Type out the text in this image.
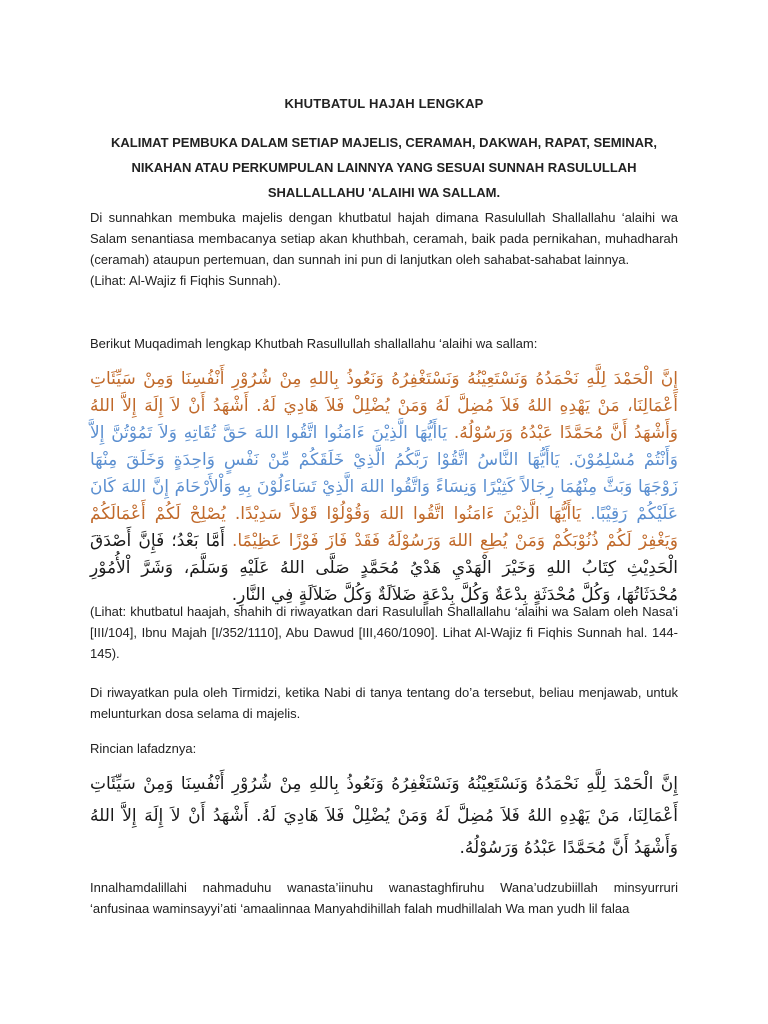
KHUTBATUL HAJAH LENGKAP
KALIMAT PEMBUKA DALAM SETIAP MAJELIS, CERAMAH, DAKWAH, RAPAT, SEMINAR,
NIKAHAN ATAU PERKUMPULAN LAINNYA YANG SESUAI SUNNAH RASULULLAH
SHALLALLAHU 'ALAIHI WA SALLAM.
Di sunnahkan membuka majelis dengan khutbatul hajah dimana Rasulullah Shallallahu ‘alaihi wa Salam senantiasa membacanya setiap akan khuthbah, ceramah, baik pada pernikahan, muhadharah (ceramah) ataupun pertemuan, dan sunnah ini pun di lanjutkan oleh sahabat-sahabat lainnya.
(Lihat: Al-Wajiz fi Fiqhis Sunnah).
Berikut Muqadimah lengkap Khutbah Rasullullah shallallahu ‘alaihi wa sallam:
إِنَّ الْحَمْدَ لِلَّهِ نَحْمَدُهُ وَنَسْتَعِيْنُهُ وَنَسْتَغْفِرُهُ وَنَعُوذُ بِاللهِ مِنْ شُرُوْرِ أَنْفُسِنَا وَمِنْ سَيِّئَاتِ أَعْمَالِنَا، مَنْ يَهْدِهِ اللهُ فَلاَ مُضِلَّ لَهُ وَمَنْ يُضْلِلْ فَلاَ هَادِيَ لَهُ. أَشْهَدُ أَنْ لاَ إِلَهَ إِلاَّ اللهُ وَأَشْهَدُ أَنَّ مُحَمَّدًا عَبْدُهُ وَرَسُوْلُهُ. يَاأَيُّهَا الَّذِيْنَ ءَامَنُوا اتَّقُوا اللهَ حَقَّ تُقَاتِهِ وَلاَ تَمُوْتُنَّ إِلاَّ وَأَنْتُمْ مُسْلِمُوْنَ. يَاأَيُّهَا النَّاسُ اتَّقُوْا رَبَّكُمُ الَّذِيْ خَلَقَكُمْ مِّنْ نَفْسٍ وَاحِدَةٍ وَخَلَقَ مِنْهَا زَوْجَهَا وَبَثَّ مِنْهُمَا رِجَالاً كَثِيْرًا وَنِسَاءً وَاتَّقُوا اللهَ الَّذِيْ تَسَاءَلُوْنَ بِهِ وَاْلأَرْحَامَ إِنَّ اللهَ كَانَ عَلَيْكُمْ رَقِيْبًا. يَاأَيُّهَا الَّذِيْنَ ءَامَنُوا اتَّقُوا اللهَ وَقُوْلُوْا قَوْلاً سَدِيْدًا. يُصْلِحْ لَكُمْ أَعْمَالَكُمْ وَيَغْفِرْ لَكُمْ ذُنُوْبَكُمْ وَمَنْ يُطِعِ اللهَ وَرَسُوْلَهُ فَقَدْ فَازَ فَوْزًا عَظِيْمًا. أَمَّا بَعْدُ؛ فَإِنَّ أَصْدَقَ الْحَدِيْثِ كِتَابُ اللهِ وَخَيْرَ الْهَدْيِ هَدْيُ مُحَمَّدٍ صَلَّى اللهُ عَلَيْهِ وَسَلَّمَ، وَشَرَّ اْلأُمُوْرِ مُحْدَثَاتُهَا، وَكُلَّ مُحْدَثَةٍ بِدْعَةٌ وَكُلَّ بِدْعَةٍ ضَلاَلَةٌ وَكُلَّ ضَلاَلَةٍ فِي النَّارِ.
(Lihat: khutbatul haajah, shahih di riwayatkan dari Rasulullah Shallallahu ‘alaihi wa Salam oleh Nasa'i [III/104], Ibnu Majah [I/352/1110], Abu Dawud [III,460/1090]. Lihat Al-Wajiz fi Fiqhis Sunnah hal. 144-145).
Di riwayatkan pula oleh Tirmidzi, ketika Nabi di tanya tentang do’a tersebut, beliau menjawab, untuk melunturkan dosa selama di majelis.
Rincian lafadznya:
إِنَّ الْحَمْدَ لِلَّهِ نَحْمَدُهُ وَنَسْتَعِيْنُهُ وَنَسْتَغْفِرُهُ وَنَعُوذُ بِاللهِ مِنْ شُرُوْرِ أَنْفُسِنَا وَمِنْ سَيِّئَاتِ أَعْمَالِنَا، مَنْ يَهْدِهِ اللهُ فَلاَ مُضِلَّ لَهُ وَمَنْ يُضْلِلْ فَلاَ هَادِيَ لَهُ. أَشْهَدُ أَنْ لاَ إِلَهَ إِلاَّ اللهُ وَأَشْهَدُ أَنَّ مُحَمَّدًا عَبْدُهُ وَرَسُوْلُهُ.
Innalhamdalillahi nahmaduhu wanasta’iinuhu wanastaghfiruhu Wana’udzubiillah minsyurruri ‘anfusinaa waminsayyi’ati ‘amaalinnaa Manyahdihillah falah mudhillalah Wa man yudh lil falaa
